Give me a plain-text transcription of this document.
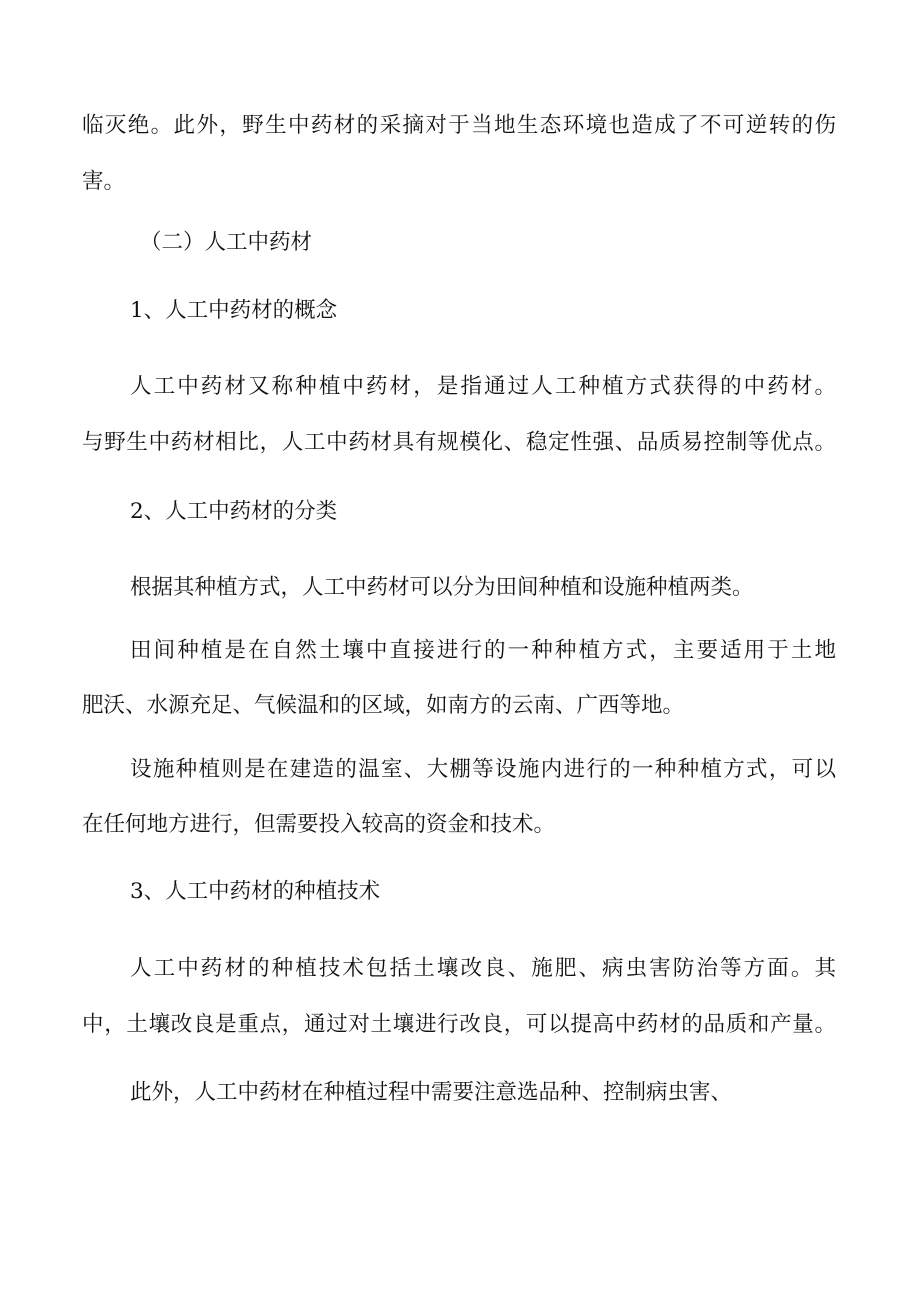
临灭绝。此外，野生中药材的采摘对于当地生态环境也造成了不可逆转的伤

害。

（二）人工中药材

1、人工中药材的概念

人工中药材又称种植中药材，是指通过人工种植方式获得的中药材。

与野生中药材相比，人工中药材具有规模化、稳定性强、品质易控制等优点。

2、人工中药材的分类

根据其种植方式，人工中药材可以分为田间种植和设施种植两类。

田间种植是在自然土壤中直接进行的一种种植方式，主要适用于土地

肥沃、水源充足、气候温和的区域，如南方的云南、广西等地。

设施种植则是在建造的温室、大棚等设施内进行的一种种植方式，可以

在任何地方进行，但需要投入较高的资金和技术。

3、人工中药材的种植技术

人工中药材的种植技术包括土壤改良、施肥、病虫害防治等方面。其

中，土壤改良是重点，通过对土壤进行改良，可以提高中药材的品质和产量。

此外，人工中药材在种植过程中需要注意选品种、控制病虫害、
